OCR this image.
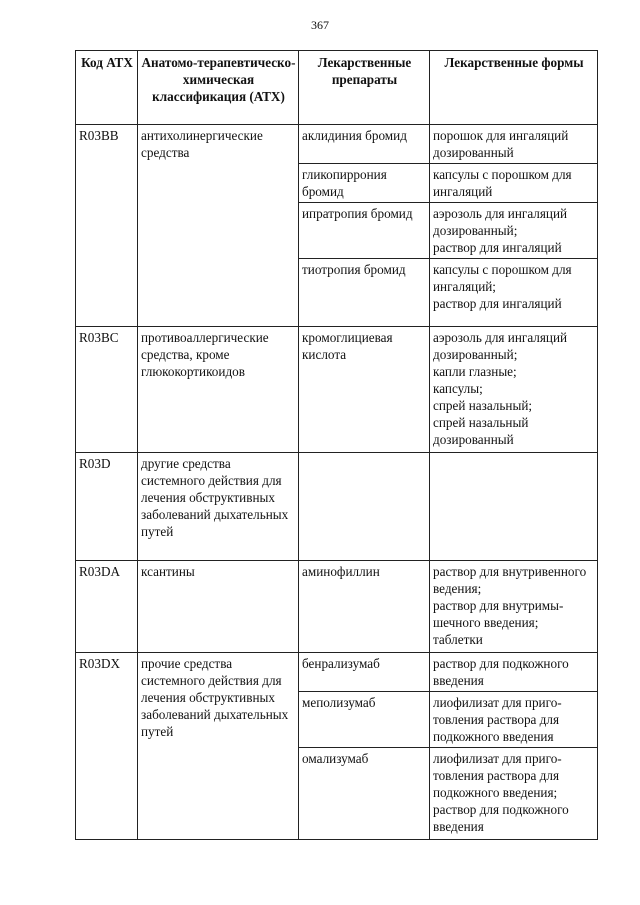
367
Код АТХ	Анатомо-терапевтическо-химическая классификация (АТХ)	Лекарственные препараты	Лекарственные формы
R03BB	антихолинергические средства	аклидиния бромид	порошок для ингаляций дозированный

		гликопиррония бромид	капсулы с порошком для ингаляций

		ипратропия бромид	аэрозоль для ингаляций дозированный;
раствор для ингаляций

		тиотропия бромид	капсулы с порошком для ингаляций;
раствор для ингаляций

R03BC	противоаллергические средства, кроме глюкокортикоидов	кромоглициевая кислота	аэрозоль для ингаляций дозированный;
капли глазные;
капсулы;
спрей назальный;
спрей назальный дозированный

R03D	другие средства системного действия для лечения обструктивных заболеваний дыхательных путей		
R03DA	ксантины	аминофиллин	раствор для внутривенного ведения;
раствор для внутримы-шечного введения;
таблетки

R03DX	прочие средства системного действия для лечения обструктивных заболеваний дыхательных путей	бенрализумаб	раствор для подкожного введения

		меполизумаб	лиофилизат для приго-товления раствора для подкожного введения

		омализумаб	лиофилизат для приго-товления раствора для подкожного введения;
раствор для подкожного введения
